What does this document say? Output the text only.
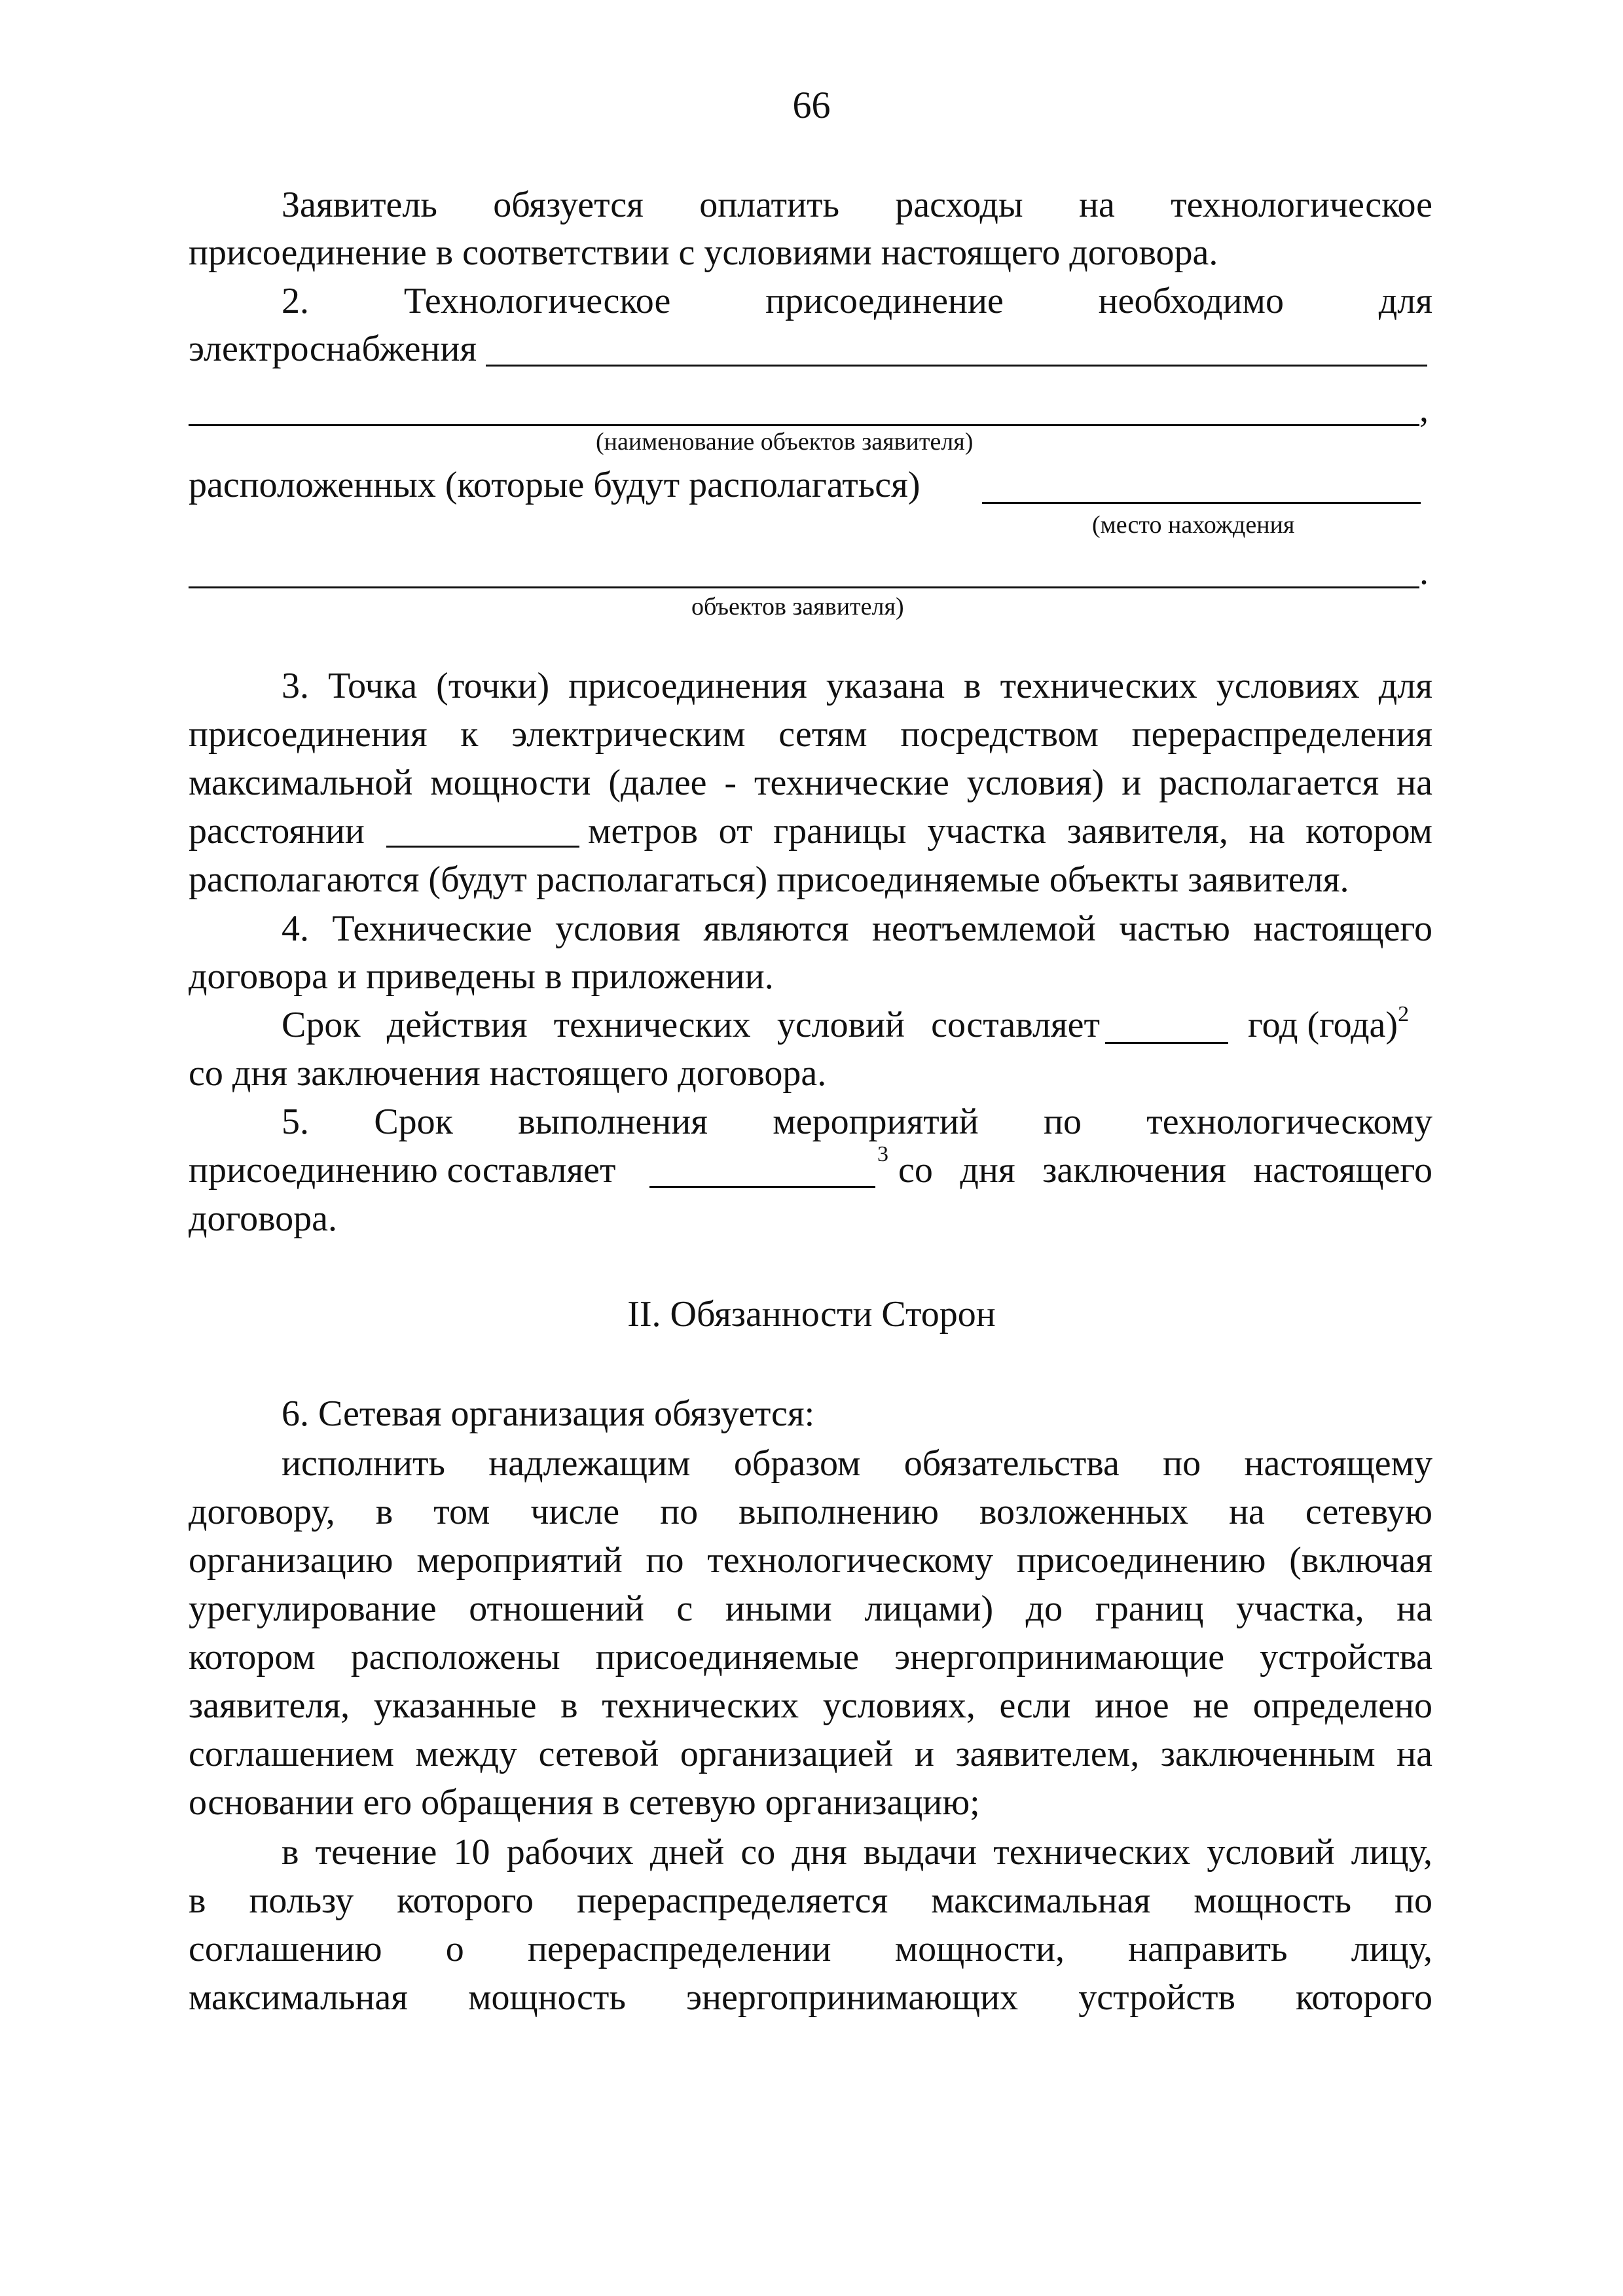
66
Заявитель обязуется оплатить расходы на технологическое
присоединение в соответствии с условиями настоящего договора.
2. Технологическое присоединение необходимо для
электроснабжения
,
(наименование объектов заявителя)
расположенных (которые будут располагаться)
(место нахождения
.
объектов заявителя)
3. Точка (точки) присоединения указана в технических условиях для
присоединения к электрическим сетям посредством перераспределения
максимальной мощности (далее - технические условия) и располагается на
расстоянии	метров от границы участка заявителя, на котором
располагаются (будут располагаться) присоединяемые объекты заявителя.
4. Технические условия являются неотъемлемой частью настоящего
договора и приведены в приложении.
Срок действия технических условий составляет	год (года)$^2$
со дня заключения настоящего договора.
5. Срок выполнения мероприятий по технологическому
присоединению составляет	$^3$ со дня заключения настоящего
договора.
II. Обязанности Сторон
6. Сетевая организация обязуется:
исполнить надлежащим образом обязательства по настоящему
договору, в том числе по выполнению возложенных на сетевую
организацию мероприятий по технологическому присоединению (включая
урегулирование отношений с иными лицами) до границ участка, на
котором расположены присоединяемые энергопринимающие устройства
заявителя, указанные в технических условиях, если иное не определено
соглашением между сетевой организацией и заявителем, заключенным на
основании его обращения в сетевую организацию;
в течение 10 рабочих дней со дня выдачи технических условий лицу,
в пользу которого перераспределяется максимальная мощность по
соглашению о перераспределении мощности, направить лицу,
максимальная мощность энергопринимающих устройств которого
